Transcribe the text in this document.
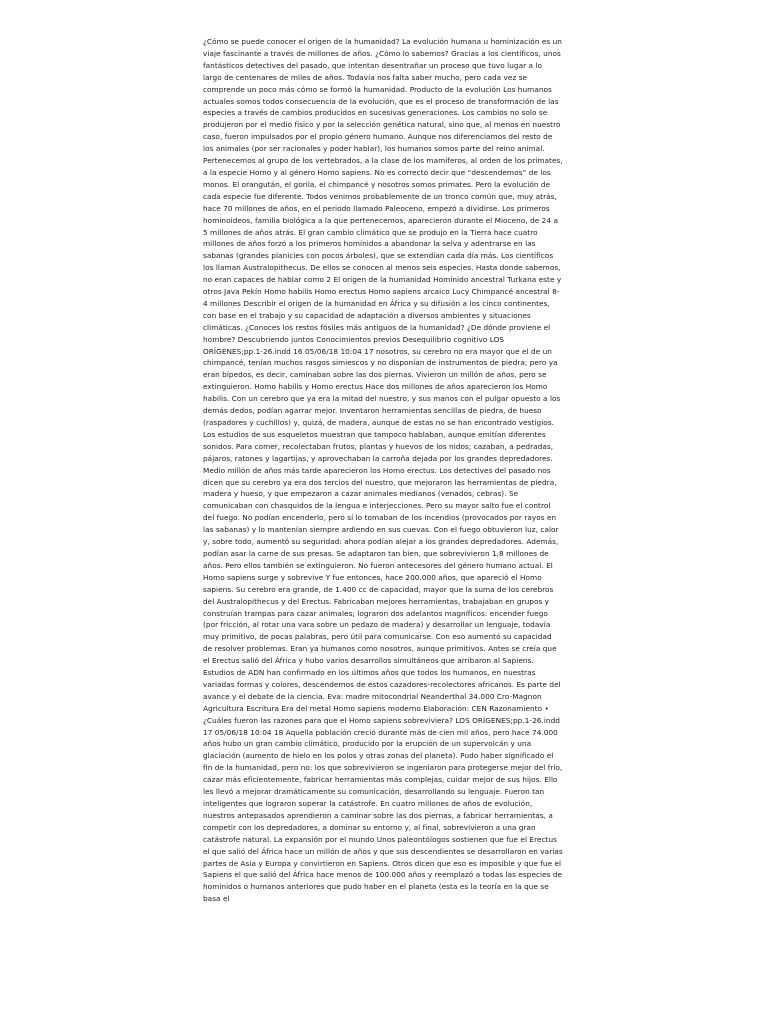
¿Cómo se puede conocer el origen de la humanidad? La evolución humana u hominización es un viaje fascinante a través de millones de años. ¿Cómo lo sabemos? Gracias a los científicos, unos fantásticos detectives del pasado, que intentan desentrañar un proceso que tuvo lugar a lo largo de centenares de miles de años. Todavía nos falta saber mucho, pero cada vez se comprende un poco más cómo se formó la humanidad. Producto de la evolución Los humanos actuales somos todos consecuencia de la evolución, que es el proceso de transformación de las especies a través de cambios producidos en sucesivas generaciones. Los cambios no solo se produjeron por el medio físico y por la selección genética natural, sino que, al menos en nuestro caso, fueron impulsados por el propio género humano. Aunque nos diferenciamos del resto de los animales (por ser racionales y poder hablar), los humanos somos parte del reino animal. Pertenecemos al grupo de los vertebrados, a la clase de los mamíferos, al orden de los primates, a la especie Homo y al género Homo sapiens. No es correcto decir que “descendemos” de los monos. El orangután, el gorila, el chimpancé y nosotros somos primates. Pero la evolución de cada especie fue diferente. Todos venimos probablemente de un tronco común que, muy atrás, hace 70 millones de años, en el periodo llamado Paleoceno, empezó a dividirse. Los primeros hominoideos, familia biológica a la que pertenecemos, aparecieron durante el Mioceno, de 24 a 5 millones de años atrás. El gran cambio climático que se produjo en la Tierra hace cuatro millones de años forzó a los primeros homínidos a abandonar la selva y adentrarse en las sabanas (grandes planicies con pocos árboles), que se extendían cada día más. Los científicos los llaman Australopithecus. De ellos se conocen al menos seis especies. Hasta donde sabemos, no eran capaces de hablar como 2 El origen de la humanidad Homínido ancestral Turkana este y otros Java Pekín Homo habilis Homo erectus Homo sapiens arcaico Lucy Chimpancé ancestral 8-4 millones Describir el origen de la humanidad en África y su difusión a los cinco continentes, con base en el trabajo y su capacidad de adaptación a diversos ambientes y situaciones climáticas. ¿Conoces los restos fósiles más antiguos de la humanidad? ¿De dónde proviene el hombre? Descubriendo juntos Conocimientos previos Desequilibrio cognitivo LOS ORÍGENES;pp.1-26.indd 16 05/06/18 10:04 17 nosotros, su cerebro no era mayor que el de un chimpancé, tenían muchos rasgos simiescos y no disponían de instrumentos de piedra; pero ya eran bípedos, es decir, caminaban sobre las dos piernas. Vivieron un millón de años, pero se extinguieron. Homo habilis y Homo erectus Hace dos millones de años aparecieron los Homo habilis. Con un cerebro que ya era la mitad del nuestro, y sus manos con el pulgar opuesto a los demás dedos, podían agarrar mejor. Inventaron herramientas sencillas de piedra, de hueso (raspadores y cuchillos) y, quizá, de madera, aunque de estas no se han encontrado vestigios. Los estudios de sus esqueletos muestran que tampoco hablaban, aunque emitían diferentes sonidos. Para comer, recolectaban frutos, plantas y huevos de los nidos; cazaban, a pedradas, pájaros, ratones y lagartijas, y aprovechaban la carroña dejada por los grandes depredadores. Medio millón de años más tarde aparecieron los Homo erectus. Los detectives del pasado nos dicen que su cerebro ya era dos tercios del nuestro, que mejoraron las herramientas de piedra, madera y hueso, y que empezaron a cazar animales medianos (venados, cebras). Se comunicaban con chasquidos de la lengua e interjecciones. Pero su mayor salto fue el control del fuego. No podían encenderlo, pero sí lo tomaban de los incendios (provocados por rayos en las sabanas) y lo mantenían siempre ardiendo en sus cuevas. Con el fuego obtuvieron luz, calor y, sobre todo, aumentó su seguridad: ahora podían alejar a los grandes depredadores. Además, podían asar la carne de sus presas. Se adaptaron tan bien, que sobrevivieron 1,8 millones de años. Pero ellos también se extinguieron. No fueron antecesores del género humano actual. El Homo sapiens surge y sobrevive Y fue entonces, hace 200.000 años, que apareció el Homo sapiens. Su cerebro era grande, de 1.400 cc de capacidad, mayor que la suma de los cerebros del Australopithecus y del Erectus. Fabricaban mejores herramientas, trabajaban en grupos y construían trampas para cazar animales; lograron dos adelantos magníficos: encender fuego (por fricción, al rotar una vara sobre un pedazo de madera) y desarrollar un lenguaje, todavía muy primitivo, de pocas palabras, pero útil para comunicarse. Con eso aumentó su capacidad de resolver problemas. Eran ya humanos como nosotros, aunque primitivos. Antes se creía que el Erectus salió del África y hubo varios desarrollos simultáneos que arribaron al Sapiens. Estudios de ADN han confirmado en los últimos años que todos los humanos, en nuestras variadas formas y colores, descendemos de estos cazadores-recolectores africanos. Es parte del avance y el debate de la ciencia. Eva: madre mitocondrial Neanderthal 34.000 Cro-Magnon Agricultura Escritura Era del metal Homo sapiens moderno Elaboración: CEN Razonamiento • ¿Cuáles fueron las razones para que el Homo sapiens sobreviviera? LOS ORÍGENES;pp.1-26.indd 17 05/06/18 10:04 18 Aquella población creció durante más de cien mil años, pero hace 74.000 años hubo un gran cambio climático, producido por la erupción de un supervolcán y una glaciación (aumento de hielo en los polos y otras zonas del planeta). Pudo haber significado el fin de la humanidad, pero no: los que sobrevivieron se ingeniaron para protegerse mejor del frío, cazar más eficientemente, fabricar herramientas más complejas, cuidar mejor de sus hijos. Ello les llevó a mejorar dramáticamente su comunicación, desarrollando su lenguaje. Fueron tan inteligentes que lograron superar la catástrofe. En cuatro millones de años de evolución, nuestros antepasados aprendieron a caminar sobre las dos piernas, a fabricar herramientas, a competir con los depredadores, a dominar su entorno y, al final, sobrevivieron a una gran catástrofe natural. La expansión por el mundo Unos paleontólogos sostienen que fue el Erectus el que salió del África hace un millón de años y que sus descendientes se desarrollaron en varias partes de Asia y Europa y convirtieron en Sapiens. Otros dicen que eso es imposible y que fue el Sapiens el que salió del África hace menos de 100.000 años y reemplazó a todas las especies de homínidos o humanos anteriores que pudo haber en el planeta (esta es la teoría en la que se basa el
